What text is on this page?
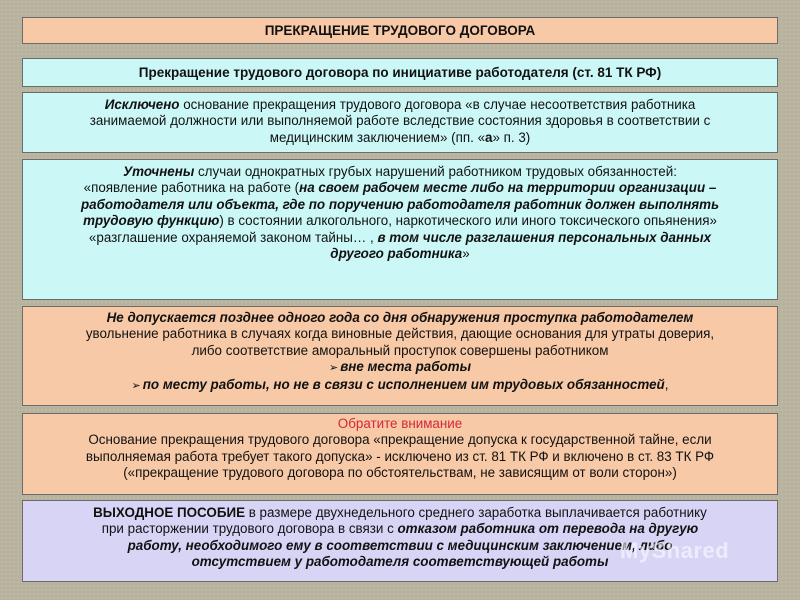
ПРЕКРАЩЕНИЕ ТРУДОВОГО ДОГОВОРА
Прекращение трудового договора по инициативе работодателя (ст. 81 ТК РФ)
Исключено основание прекращения трудового договора «в случае несоответствия работника
занимаемой должности или выполняемой работе вследствие состояния здоровья в соответствии с
медицинским заключением» (пп. «а» п. 3)
Уточнены случаи однократных грубых нарушений работником трудовых обязанностей:
«появление работника на работе (на своем рабочем месте либо на территории организации –
работодателя или объекта, где по поручению работодателя работник должен выполнять
трудовую функцию) в состоянии алкогольного, наркотического или иного токсического опьянения»
«разглашение охраняемой законом тайны… , в том числе разглашения персональных данных
другого работника»
Не допускается позднее одного года со дня обнаружения проступка работодателем
увольнение работника в случаях когда виновные действия, дающие основания для утраты доверия,
либо соответствие аморальный проступок совершены работником
➢ вне места работы
➢ по месту работы, но не в связи с исполнением им трудовых обязанностей,
Обратите внимание
Основание прекращения трудового договора «прекращение допуска к государственной тайне, если
выполняемая работа требует такого допуска» - исключено из ст. 81 ТК РФ и включено в ст. 83 ТК РФ
(«прекращение трудового договора по обстоятельствам, не зависящим от воли сторон»)
ВЫХОДНОЕ ПОСОБИЕ в размере двухнедельного среднего заработка выплачивается работнику
при расторжении трудового договора в связи с отказом работника от перевода на другую
работу, необходимого ему в соответствии с медицинским заключением, либо
отсутствием у работодателя соответствующей работы MyShared
